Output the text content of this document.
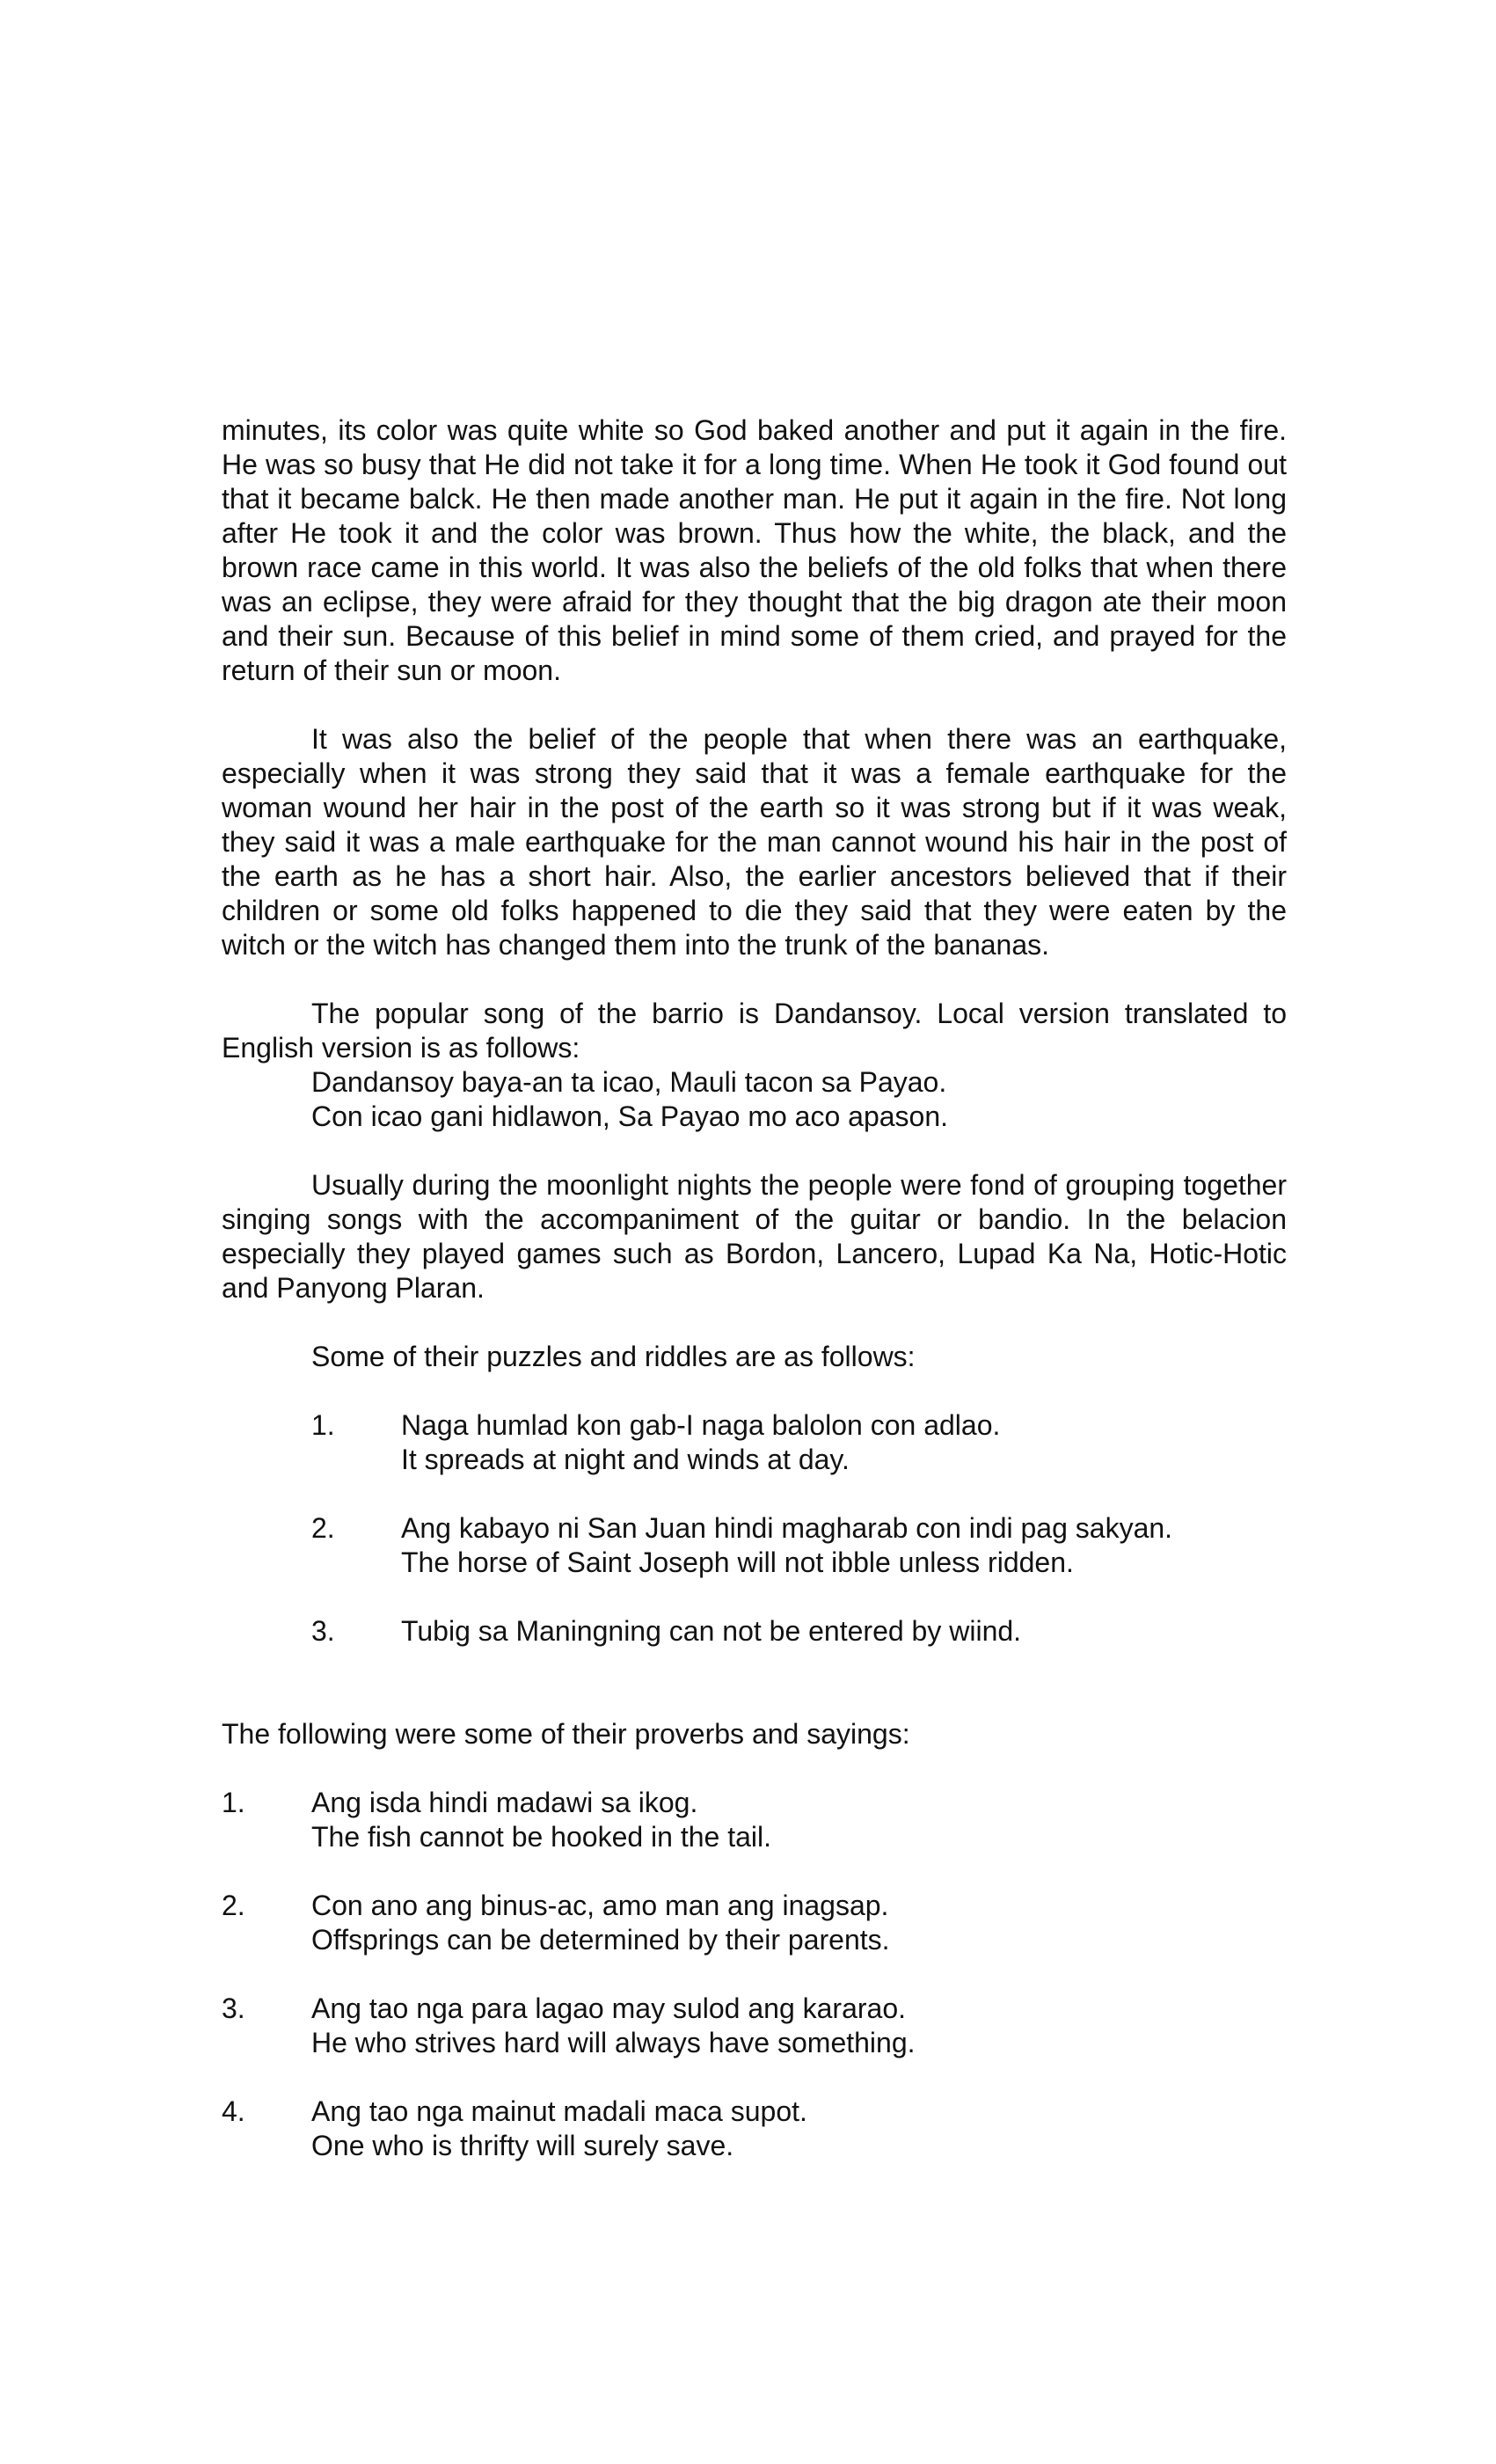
minutes, its color was quite white so God baked another and put it again in the fire. He was so busy that He did not take it for a long time. When He took it God found out that it became balck. He then made another man. He put it again in the fire. Not long after He took it and the color was brown. Thus how the white, the black, and the brown race came in this world. It was also the beliefs of the old folks that when there was an eclipse, they were afraid for they thought that the big dragon ate their moon and their sun. Because of this belief in mind some of them cried, and prayed for the return of their sun or moon.

It was also the belief of the people that when there was an earthquake, especially when it was strong they said that it was a female earthquake for the woman wound her hair in the post of the earth so it was strong but if it was weak, they said it was a male earthquake for the man cannot wound his hair in the post of the earth as he has a short hair. Also, the earlier ancestors believed that if their children or some old folks happened to die they said that they were eaten by the witch or the witch has changed them into the trunk of the bananas.

The popular song of the barrio is Dandansoy. Local version translated to English version is as follows:

Dandansoy baya-an ta icao, Mauli tacon sa Payao.
Con icao gani hidlawon, Sa Payao mo aco apason.

Usually during the moonlight nights the people were fond of grouping together singing songs with the accompaniment of the guitar or bandio. In the belacion especially they played games such as Bordon, Lancero, Lupad Ka Na, Hotic-Hotic and Panyong Plaran.

Some of their puzzles and riddles are as follows:

1.	Naga humlad kon gab-I naga balolon con adlao.
It spreads at night and winds at day.
2.	Ang kabayo ni San Juan hindi magharab con indi pag sakyan.
The horse of Saint Joseph will not ibble unless ridden.
3.	Tubig sa Maningning can not be entered by wiind.

The following were some of their proverbs and sayings:

1.	Ang isda hindi madawi sa ikog.
The fish cannot be hooked in the tail.
2.	Con ano ang binus-ac, amo man ang inagsap.
Offsprings can be determined by their parents.
3.	Ang tao nga para lagao may sulod ang kararao.
He who strives hard will always have something.
4.	Ang tao nga mainut madali maca supot.
One who is thrifty will surely save.
